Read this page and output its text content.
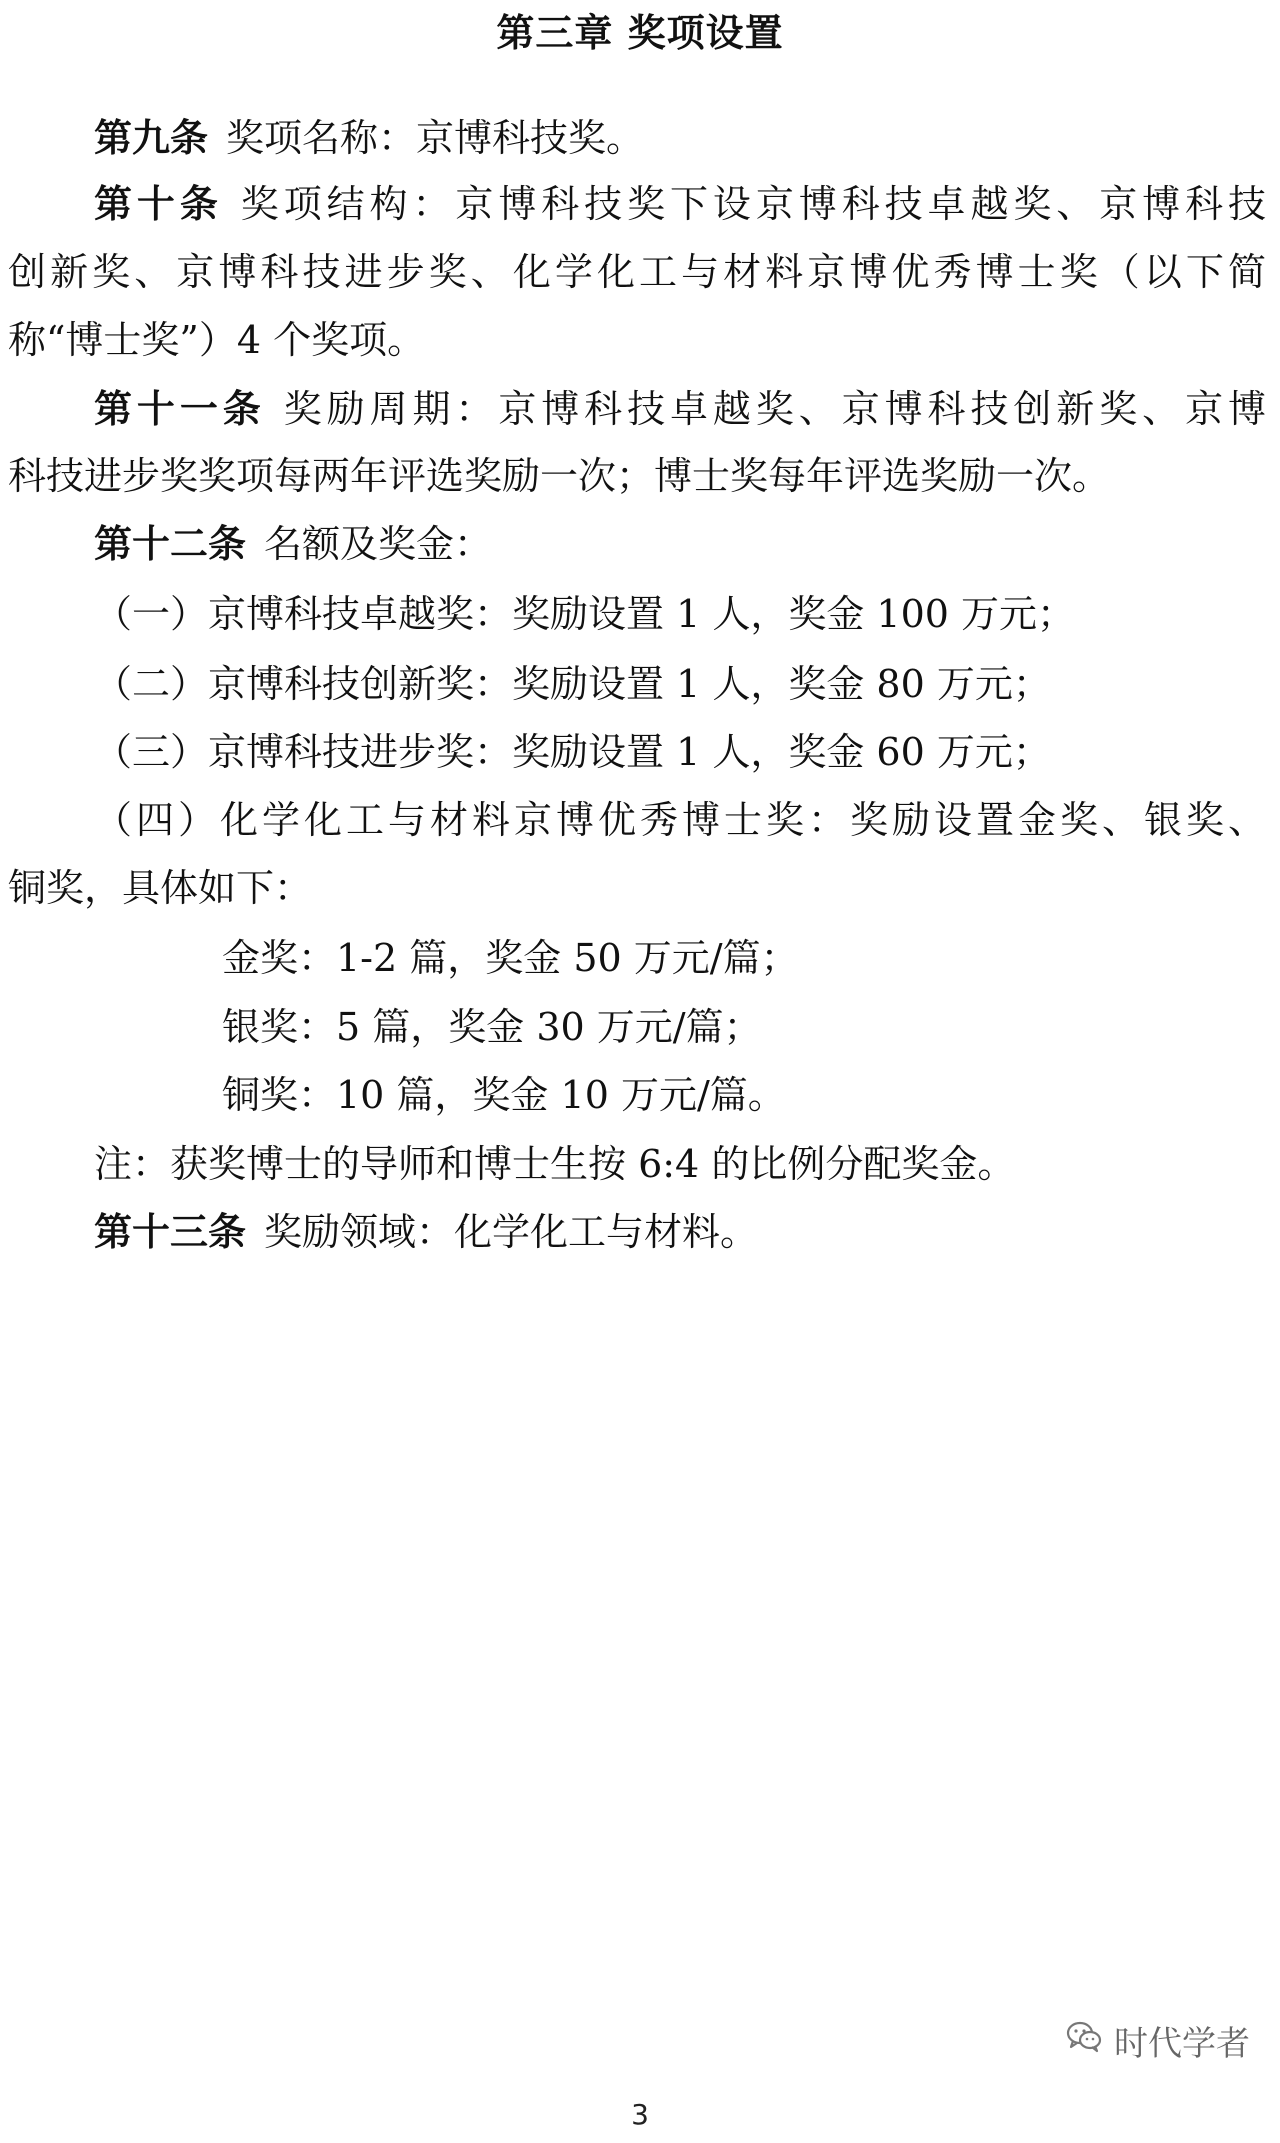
第三章 奖项设置
第九条 奖项名称：京博科技奖。
第十条 奖项结构：京博科技奖下设京博科技卓越奖、京博科技
创新奖、京博科技进步奖、化学化工与材料京博优秀博士奖（以下简
称“博士奖”）4 个奖项。
第十一条 奖励周期：京博科技卓越奖、京博科技创新奖、京博
科技进步奖奖项每两年评选奖励一次；博士奖每年评选奖励一次。
第十二条 名额及奖金：
（一）京博科技卓越奖：奖励设置 1 人，奖金 100 万元；
（二）京博科技创新奖：奖励设置 1 人，奖金 80 万元；
（三）京博科技进步奖：奖励设置 1 人，奖金 60 万元；
（四）化学化工与材料京博优秀博士奖：奖励设置金奖、银奖、
铜奖，具体如下：
金奖：1-2 篇，奖金 50 万元/篇；
银奖：5 篇，奖金 30 万元/篇；
铜奖：10 篇，奖金 10 万元/篇。
注：获奖博士的导师和博士生按 6:4 的比例分配奖金。
第十三条 奖励领域：化学化工与材料。
时代学者
3
